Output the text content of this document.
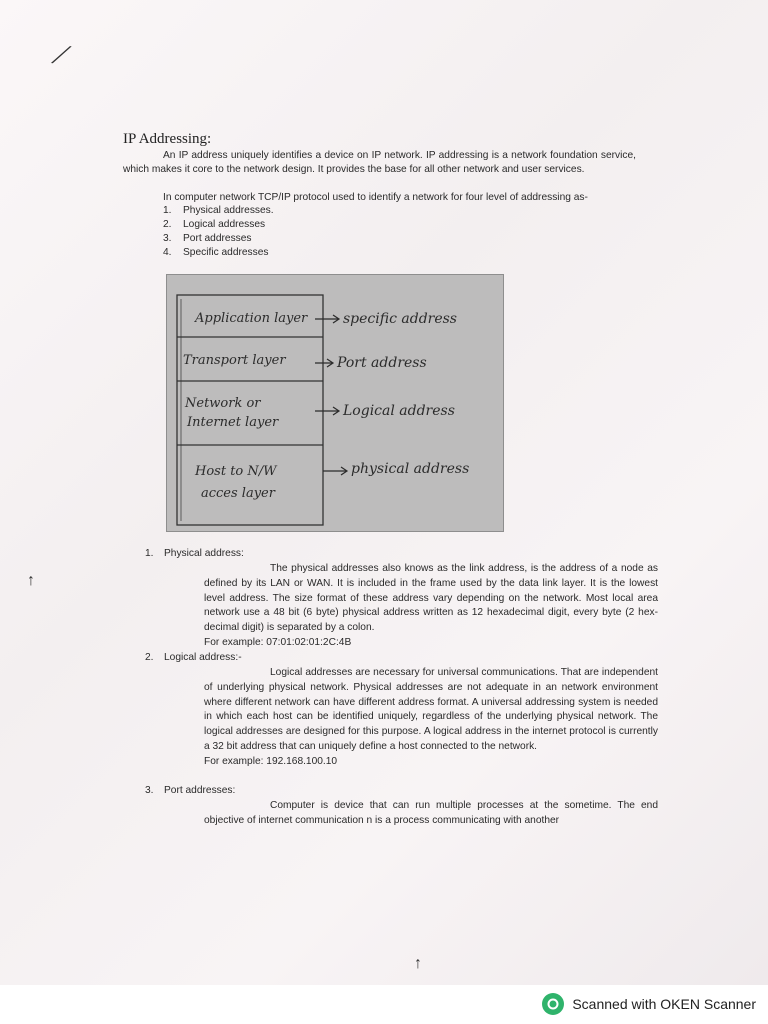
⟋
↑
↑
IP Addressing:
An IP address uniquely identifies a device on IP network. IP addressing is a network foundation service, which makes it core to the network design. It provides the base for all other network and user services.
In computer network TCP/IP protocol used to identify a network for four level of addressing as-
1.	Physical addresses.
2.	Logical addresses
3.	Port addresses
4.	Specific addresses
Application layer
Transport layer
Network or
Internet layer
Host to N/W
acces layer
specific address
Port address
Logical address
physical address
1.	Physical address:
The physical addresses also knows as the link address, is the address of a node as defined by its LAN or WAN. It is included in the frame used by the data link layer. It is the lowest level address. The size format of these address vary depending on the network. Most local area network use a 48 bit (6 byte) physical address written as 12 hexadecimal digit, every byte (2 hex-decimal digit) is separated by a colon.
For example: 07:01:02:01:2C:4B
2.	Logical address:-
Logical addresses are necessary for universal communications. That are independent of underlying physical network. Physical addresses are not adequate in an network environment where different network can have different address format. A universal addressing system is needed in which each host can be identified uniquely, regardless of the underlying physical network. The logical addresses are designed for this purpose. A logical address in the internet protocol is currently a 32 bit address that can uniquely define a host connected to the network.
For example: 192.168.100.10
3.	Port addresses:
Computer is device that can run multiple processes at the sometime. The end objective of internet communication n is a process communicating with another
Scanned with OKEN Scanner
